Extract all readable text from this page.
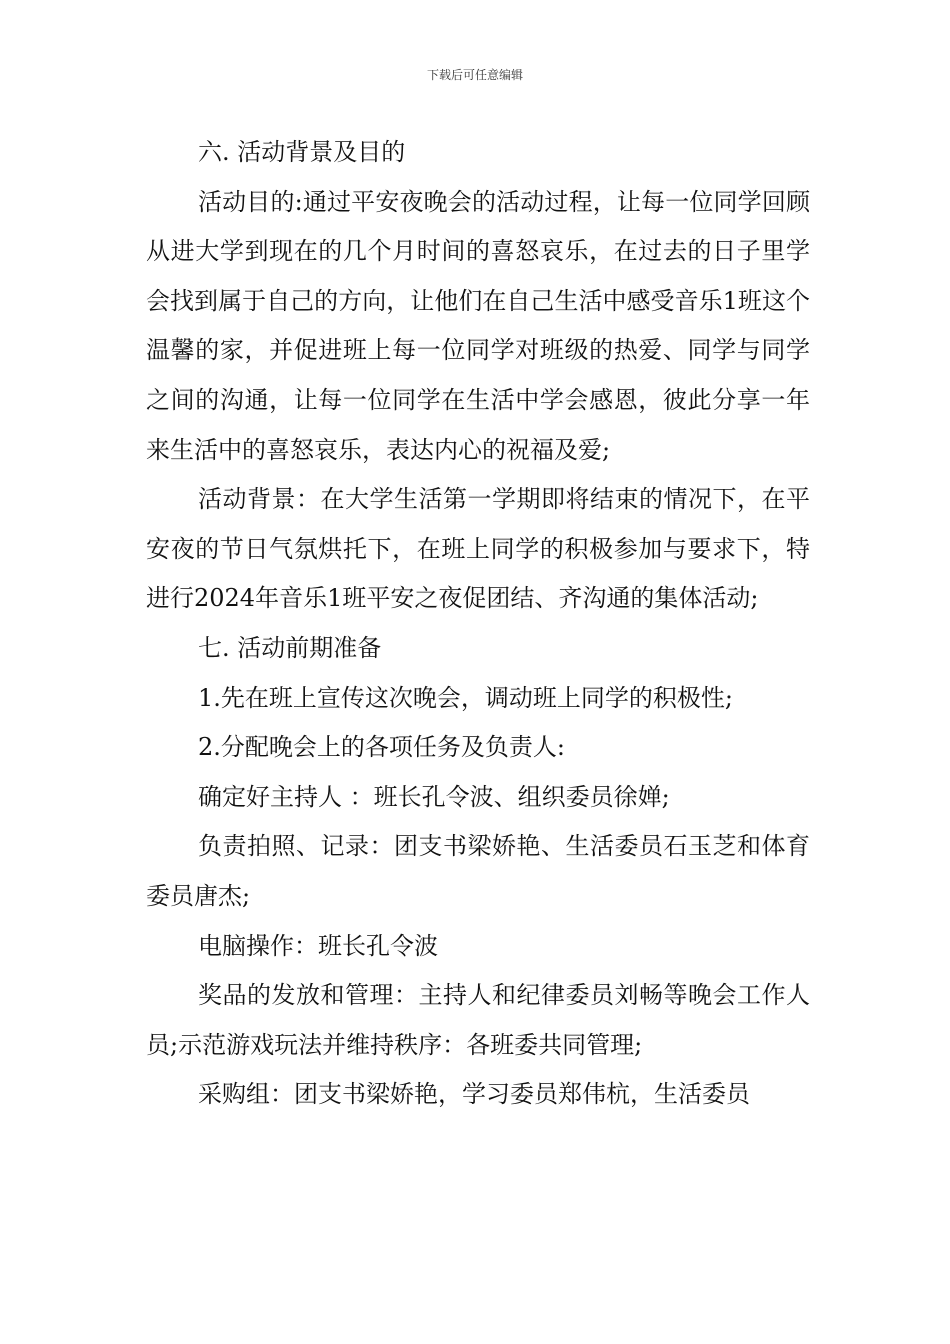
下载后可任意编辑

六. 活动背景及目的

活动目的:通过平安夜晚会的活动过程，让每一位同学回顾从进大学到现在的几个月时间的喜怒哀乐，在过去的日子里学会找到属于自己的方向，让他们在自己生活中感受音乐1班这个温馨的家，并促进班上每一位同学对班级的热爱、同学与同学之间的沟通，让每一位同学在生活中学会感恩，彼此分享一年来生活中的喜怒哀乐，表达内心的祝福及爱;

活动背景：在大学生活第一学期即将结束的情况下，在平安夜的节日气氛烘托下，在班上同学的积极参加与要求下，特进行2024年音乐1班平安之夜促团结、齐沟通的集体活动;

七. 活动前期准备

1.先在班上宣传这次晚会，调动班上同学的积极性;

2.分配晚会上的各项任务及负责人:

确定好主持人 ：班长孔令波、组织委员徐婵;

负责拍照、记录：团支书梁娇艳、生活委员石玉芝和体育委员唐杰;

电脑操作：班长孔令波

奖品的发放和管理：主持人和纪律委员刘畅等晚会工作人员;示范游戏玩法并维持秩序：各班委共同管理;

采购组：团支书梁娇艳，学习委员郑伟杭，生活委员
